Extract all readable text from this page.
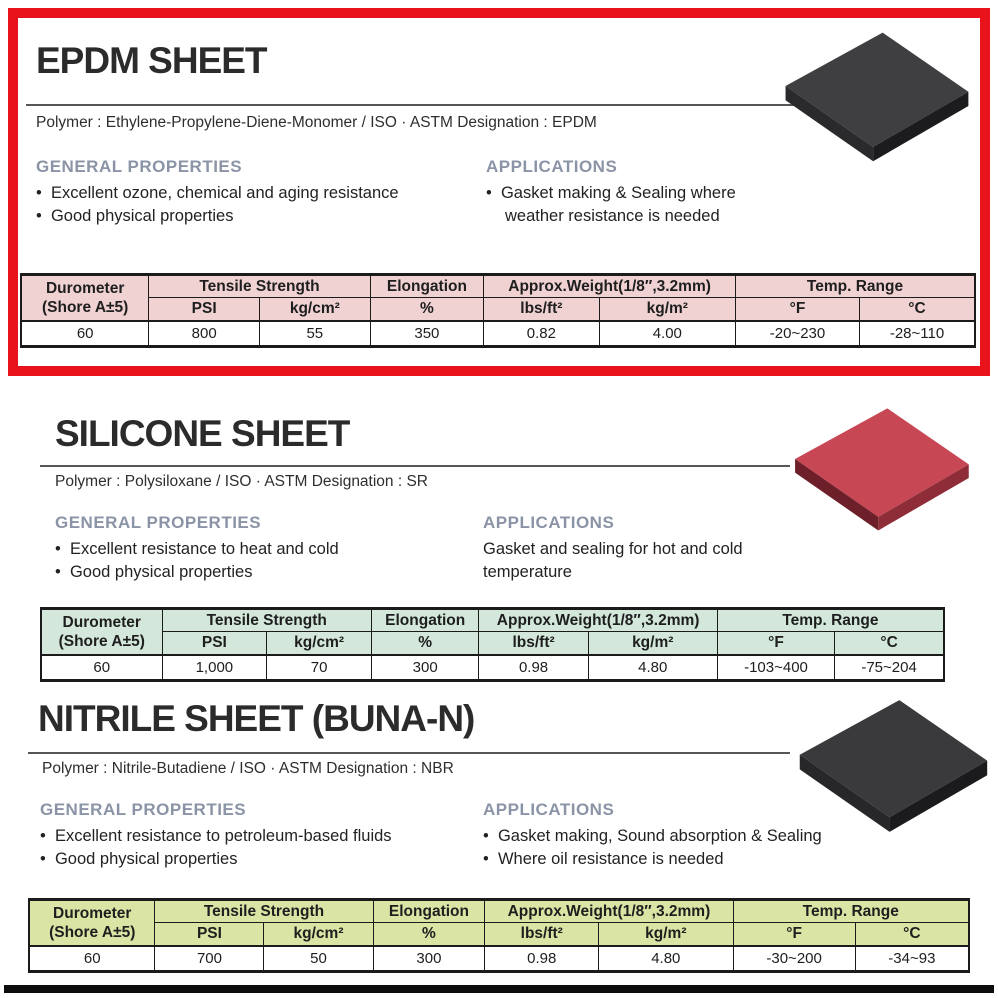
EPDM SHEET
Polymer : Ethylene-Propylene-Diene-Monomer / ISO · ASTM Designation : EPDM
GENERAL PROPERTIES
•  Excellent ozone, chemical and aging resistance
•  Good physical properties
APPLICATIONS
•  Gasket making & Sealing where weather resistance is needed
Durometer
(Shore A±5)	Tensile Strength		Elongation	Approx.Weight(1/8″,3.2mm)		Temp. Range	
	PSI	kg/cm²	%	lbs/ft²	kg/m²	°F	°C
60	800	55	350	0.82	4.00	-20~230	-28~110
SILICONE SHEET
Polymer : Polysiloxane / ISO · ASTM Designation : SR
GENERAL PROPERTIES
•  Excellent resistance to heat and cold
•  Good physical properties
APPLICATIONS
Gasket and sealing for hot and cold temperature
Durometer
(Shore A±5)	Tensile Strength		Elongation	Approx.Weight(1/8″,3.2mm)		Temp. Range	
	PSI	kg/cm²	%	lbs/ft²	kg/m²	°F	°C
60	1,000	70	300	0.98	4.80	-103~400	-75~204
NITRILE SHEET (BUNA-N)
Polymer : Nitrile-Butadiene / ISO · ASTM Designation : NBR
GENERAL PROPERTIES
•  Excellent resistance to petroleum-based fluids
•  Good physical properties
APPLICATIONS
•  Gasket making, Sound absorption & Sealing
•  Where oil resistance is needed
Durometer
(Shore A±5)	Tensile Strength		Elongation	Approx.Weight(1/8″,3.2mm)		Temp. Range	
	PSI	kg/cm²	%	lbs/ft²	kg/m²	°F	°C
60	700	50	300	0.98	4.80	-30~200	-34~93
